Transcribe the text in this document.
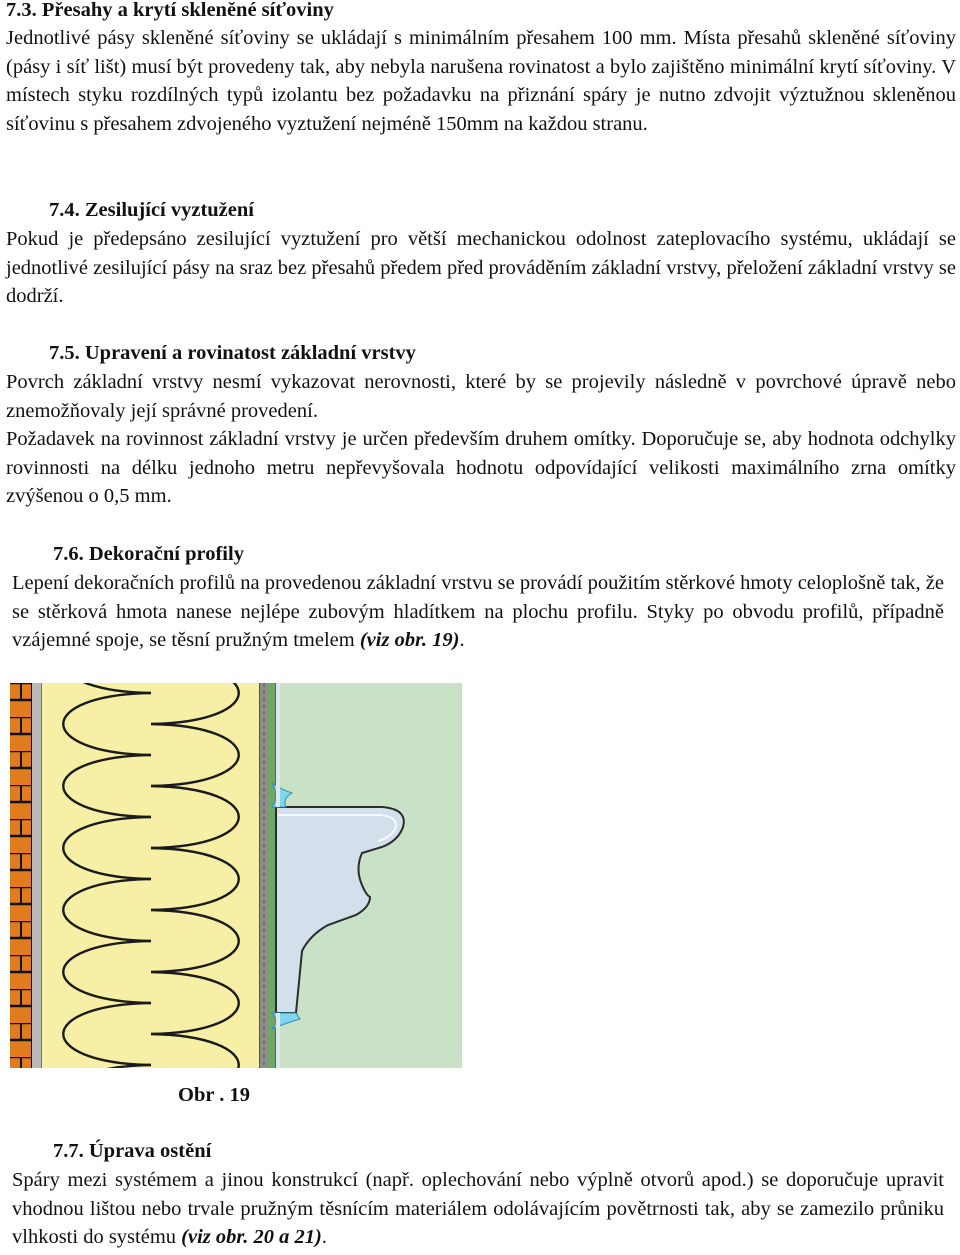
7.3. Přesahy a krytí skleněné síťoviny

Jednotlivé pásy skleněné síťoviny se ukládají s minimálním přesahem 100 mm. Místa přesahů skleněné síťoviny (pásy i síť lišt) musí být provedeny tak, aby nebyla narušena rovinatost a bylo zajištěno minimální krytí síťoviny. V místech styku rozdílných typů izolantu bez požadavku na přiznání spáry je nutno zdvojit výztužnou skleněnou síťovinu s přesahem zdvojeného vyztužení nejméně 150mm na každou stranu.

7.4. Zesilující vyztužení

Pokud je předepsáno zesilující vyztužení pro větší mechanickou odolnost zateplovacího systému, ukládají se jednotlivé zesilující pásy na sraz bez přesahů předem před prováděním základní vrstvy, přeložení základní vrstvy se dodrží.

7.5. Upravení a rovinatost základní vrstvy

Povrch základní vrstvy nesmí vykazovat nerovnosti, které by se projevily následně v povrchové úpravě nebo znemožňovaly její správné provedení.

Požadavek na rovinnost základní vrstvy je určen především druhem omítky. Doporučuje se, aby hodnota odchylky rovinnosti na délku jednoho metru nepřevyšovala hodnotu odpovídající velikosti maximálního zrna omítky zvýšenou o 0,5 mm.

7.6. Dekorační profily

Lepení dekoračních profilů na provedenou základní vrstvu se provádí použitím stěrkové hmoty celoplošně tak, že se stěrková hmota nanese nejlépe zubovým hladítkem na plochu profilu. Styky po obvodu profilů, případně vzájemné spoje, se těsní pružným tmelem (viz obr. 19).

Obr . 19
7.7. Úprava ostění

Spáry mezi systémem a jinou konstrukcí (např. oplechování nebo výplně otvorů apod.) se doporučuje upravit vhodnou lištou nebo trvale pružným těsnícím materiálem odolávajícím povětrnosti tak, aby se zamezilo průniku vlhkosti do systému (viz obr. 20 a 21).
